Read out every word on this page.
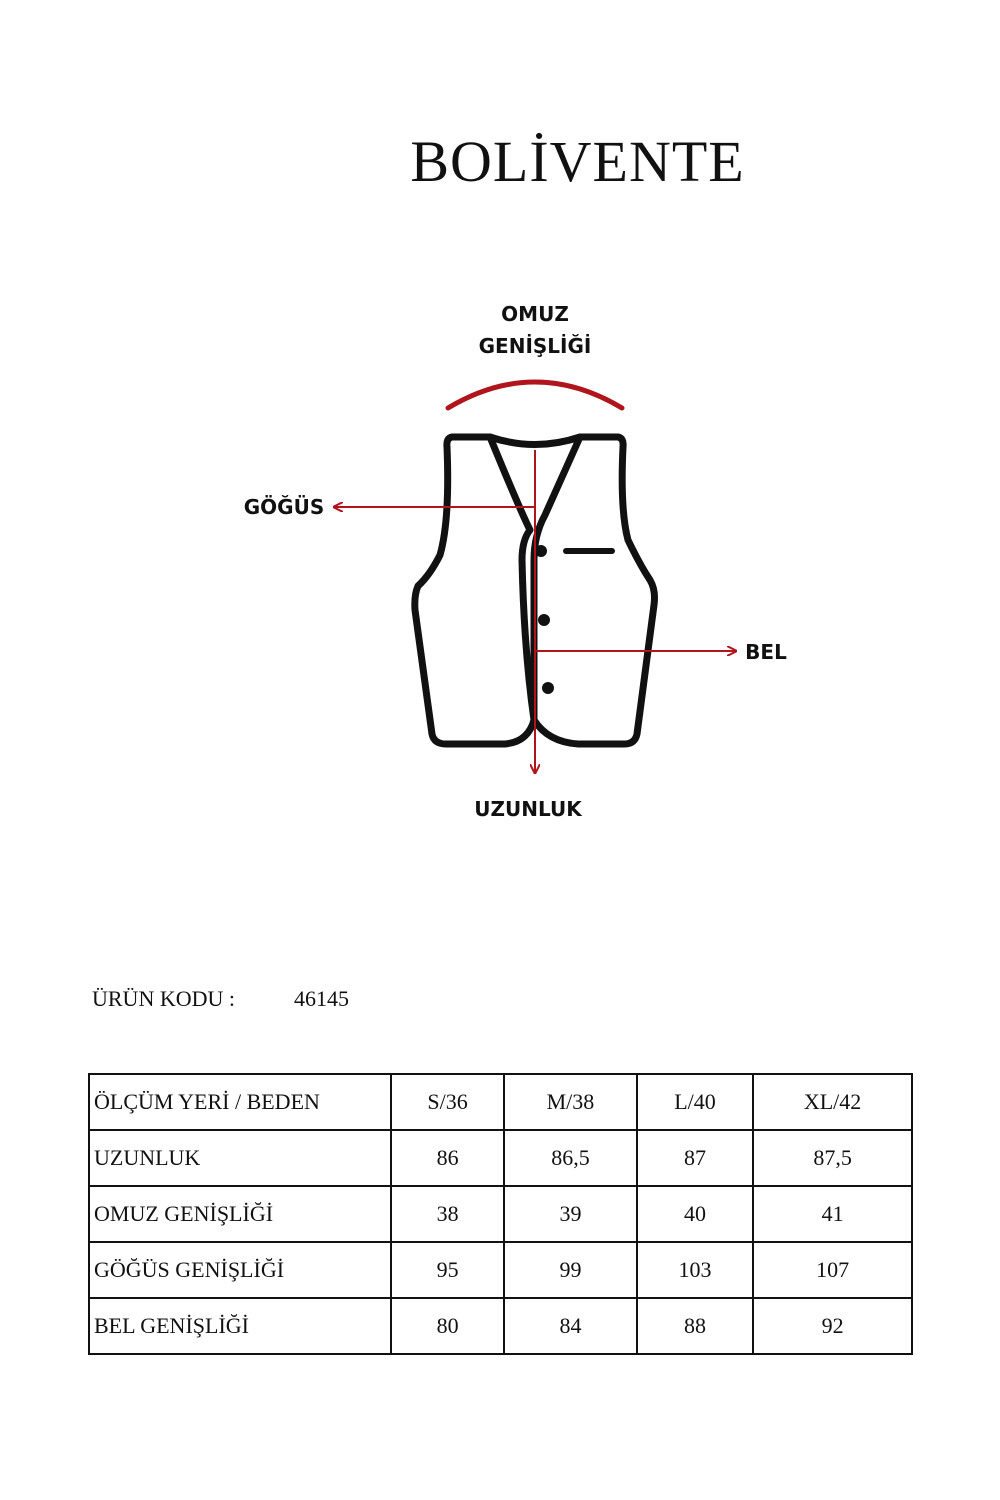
BOLİVENTE
OMUZ
GENİŞLİĞİ
GÖĞÜS
BEL
UZUNLUK
ÜRÜN KODU :	46145
ÖLÇÜM YERİ / BEDEN	S/36	M/38	L/40	XL/42
UZUNLUK	86	86,5	87	87,5
OMUZ GENİŞLİĞİ	38	39	40	41
GÖĞÜS GENİŞLİĞİ	95	99	103	107
BEL GENİŞLİĞİ	80	84	88	92
